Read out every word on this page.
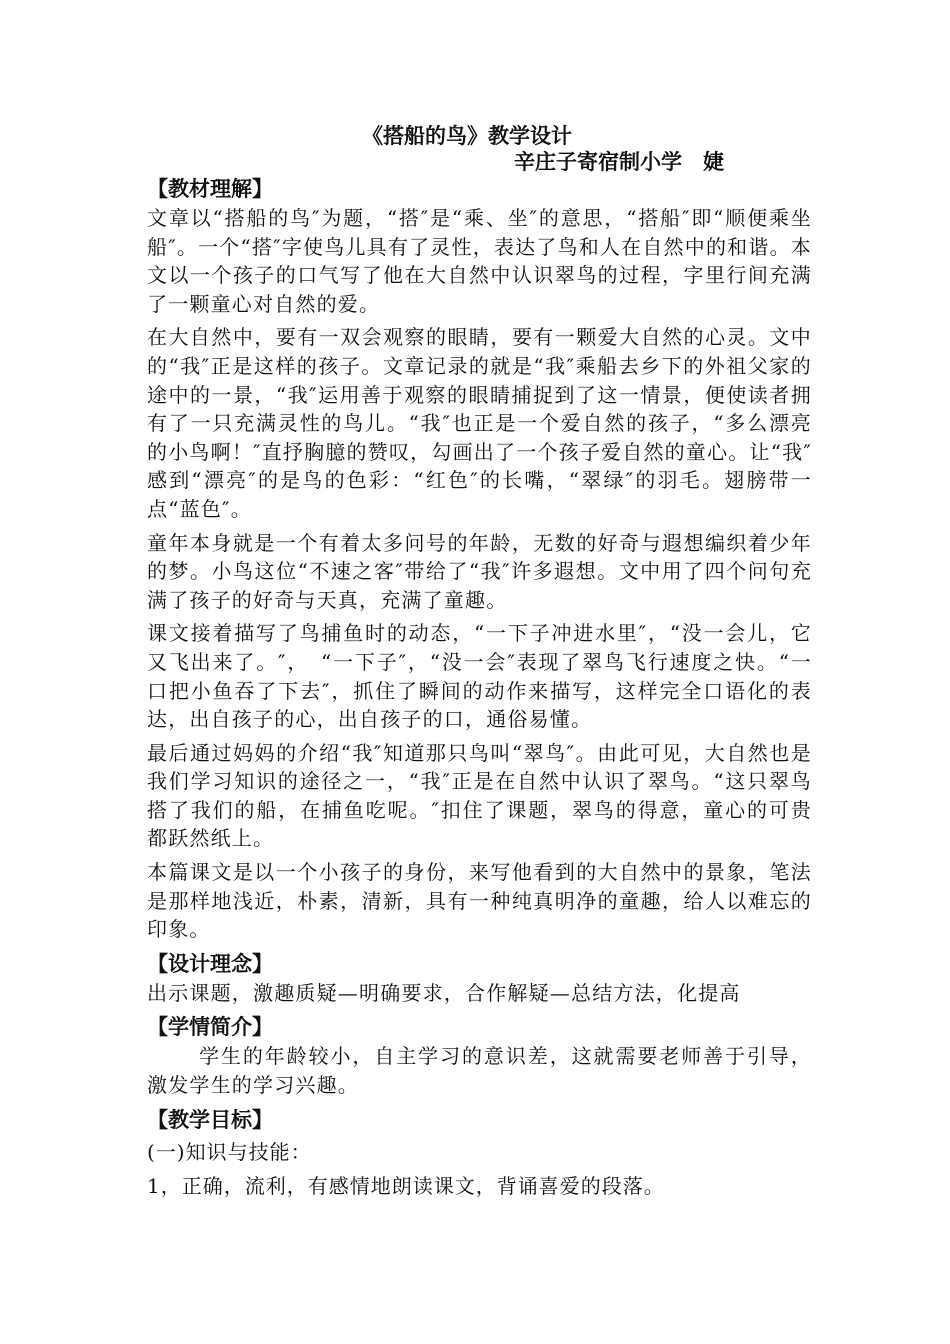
《搭船的鸟》教学设计
辛庄子寄宿制小学　婕

【教材理解】

文章以“搭船的鸟″为题，“搭″是“乘、坐″的意思，“搭船″即“顺便乘坐船″。一个“搭″字使鸟儿具有了灵性，表达了鸟和人在自然中的和谐。本文以一个孩子的口气写了他在大自然中认识翠鸟的过程，字里行间充满了一颗童心对自然的爱。

在大自然中，要有一双会观察的眼睛，要有一颗爱大自然的心灵。文中的“我″正是这样的孩子。文章记录的就是“我″乘船去乡下的外祖父家的途中的一景，“我″运用善于观察的眼睛捕捉到了这一情景，便使读者拥有了一只充满灵性的鸟儿。“我″也正是一个爱自然的孩子，“多么漂亮的小鸟啊！″直抒胸臆的赞叹，勾画出了一个孩子爱自然的童心。让“我″感到“漂亮″的是鸟的色彩：“红色″的长嘴，“翠绿″的羽毛。翅膀带一点“蓝色″。

童年本身就是一个有着太多问号的年龄，无数的好奇与遐想编织着少年的梦。小鸟这位“不速之客″带给了“我″许多遐想。文中用了四个问句充满了孩子的好奇与天真，充满了童趣。

课文接着描写了鸟捕鱼时的动态，“一下子冲进水里″，“没一会儿，它又飞出来了。″，　“一下子″，“没一会″表现了翠鸟飞行速度之快。“一口把小鱼吞了下去″，抓住了瞬间的动作来描写，这样完全口语化的表达，出自孩子的心，出自孩子的口，通俗易懂。

最后通过妈妈的介绍“我″知道那只鸟叫“翠鸟″。由此可见，大自然也是我们学习知识的途径之一，“我″正是在自然中认识了翠鸟。“这只翠鸟搭了我们的船，在捕鱼吃呢。″扣住了课题，翠鸟的得意，童心的可贵都跃然纸上。

本篇课文是以一个小孩子的身份，来写他看到的大自然中的景象，笔法是那样地浅近，朴素，清新，具有一种纯真明净的童趣，给人以难忘的印象。

【设计理念】

出示课题，激趣质疑—明确要求，合作解疑—总结方法，化提高

【学情简介】

学生的年龄较小，自主学习的意识差，这就需要老师善于引导，激发学生的学习兴趣。

【教学目标】

(一)知识与技能：

1，正确，流利，有感情地朗读课文，背诵喜爱的段落。
